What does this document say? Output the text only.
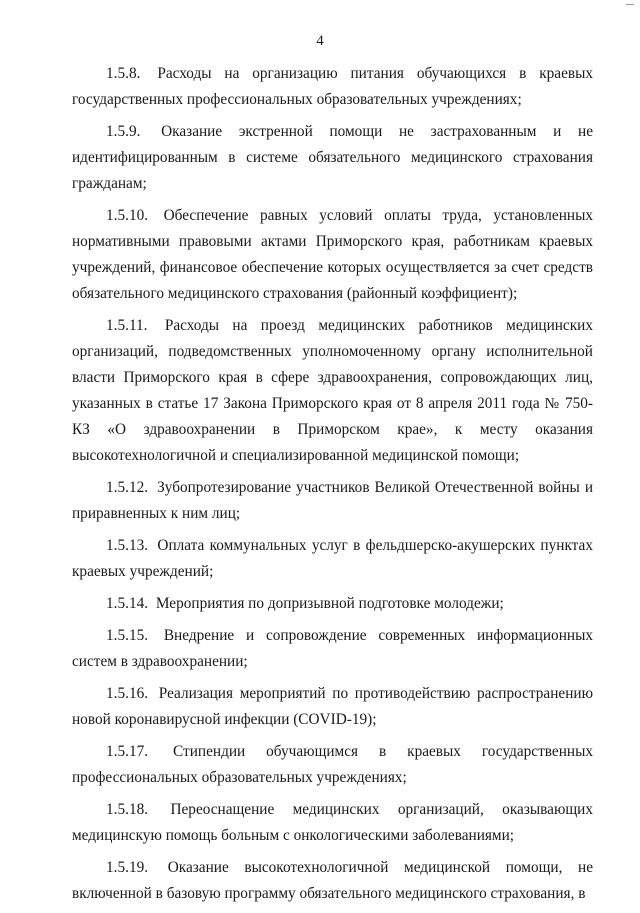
4

1.5.8. Расходы на организацию питания обучающихся в краевых государственных профессиональных образовательных учреждениях;

1.5.9. Оказание экстренной помощи не застрахованным и не идентифицированным в системе обязательного медицинского страхования гражданам;

1.5.10. Обеспечение равных условий оплаты труда, установленных нормативными правовыми актами Приморского края, работникам краевых учреждений, финансовое обеспечение которых осуществляется за счет средств обязательного медицинского страхования (районный коэффициент);

1.5.11. Расходы на проезд медицинских работников медицинских организаций, подведомственных уполномоченному органу исполнительной власти Приморского края в сфере здравоохранения, сопровождающих лиц, указанных в статье 17 Закона Приморского края от 8 апреля 2011 года № 750-КЗ «О здравоохранении в Приморском крае», к месту оказания высокотехнологичной и специализированной медицинской помощи;

1.5.12. Зубопротезирование участников Великой Отечественной войны и приравненных к ним лиц;

1.5.13. Оплата коммунальных услуг в фельдшерско-акушерских пунктах краевых учреждений;

1.5.14. Мероприятия по допризывной подготовке молодежи;

1.5.15. Внедрение и сопровождение современных информационных систем в здравоохранении;

1.5.16. Реализация мероприятий по противодействию распространению новой коронавирусной инфекции (COVID-19);

1.5.17. Стипендии обучающимся в краевых государственных профессиональных образовательных учреждениях;

1.5.18. Переоснащение медицинских организаций, оказывающих медицинскую помощь больным с онкологическими заболеваниями;

1.5.19. Оказание высокотехнологичной медицинской помощи, не включенной в базовую программу обязательного медицинского страхования, в
